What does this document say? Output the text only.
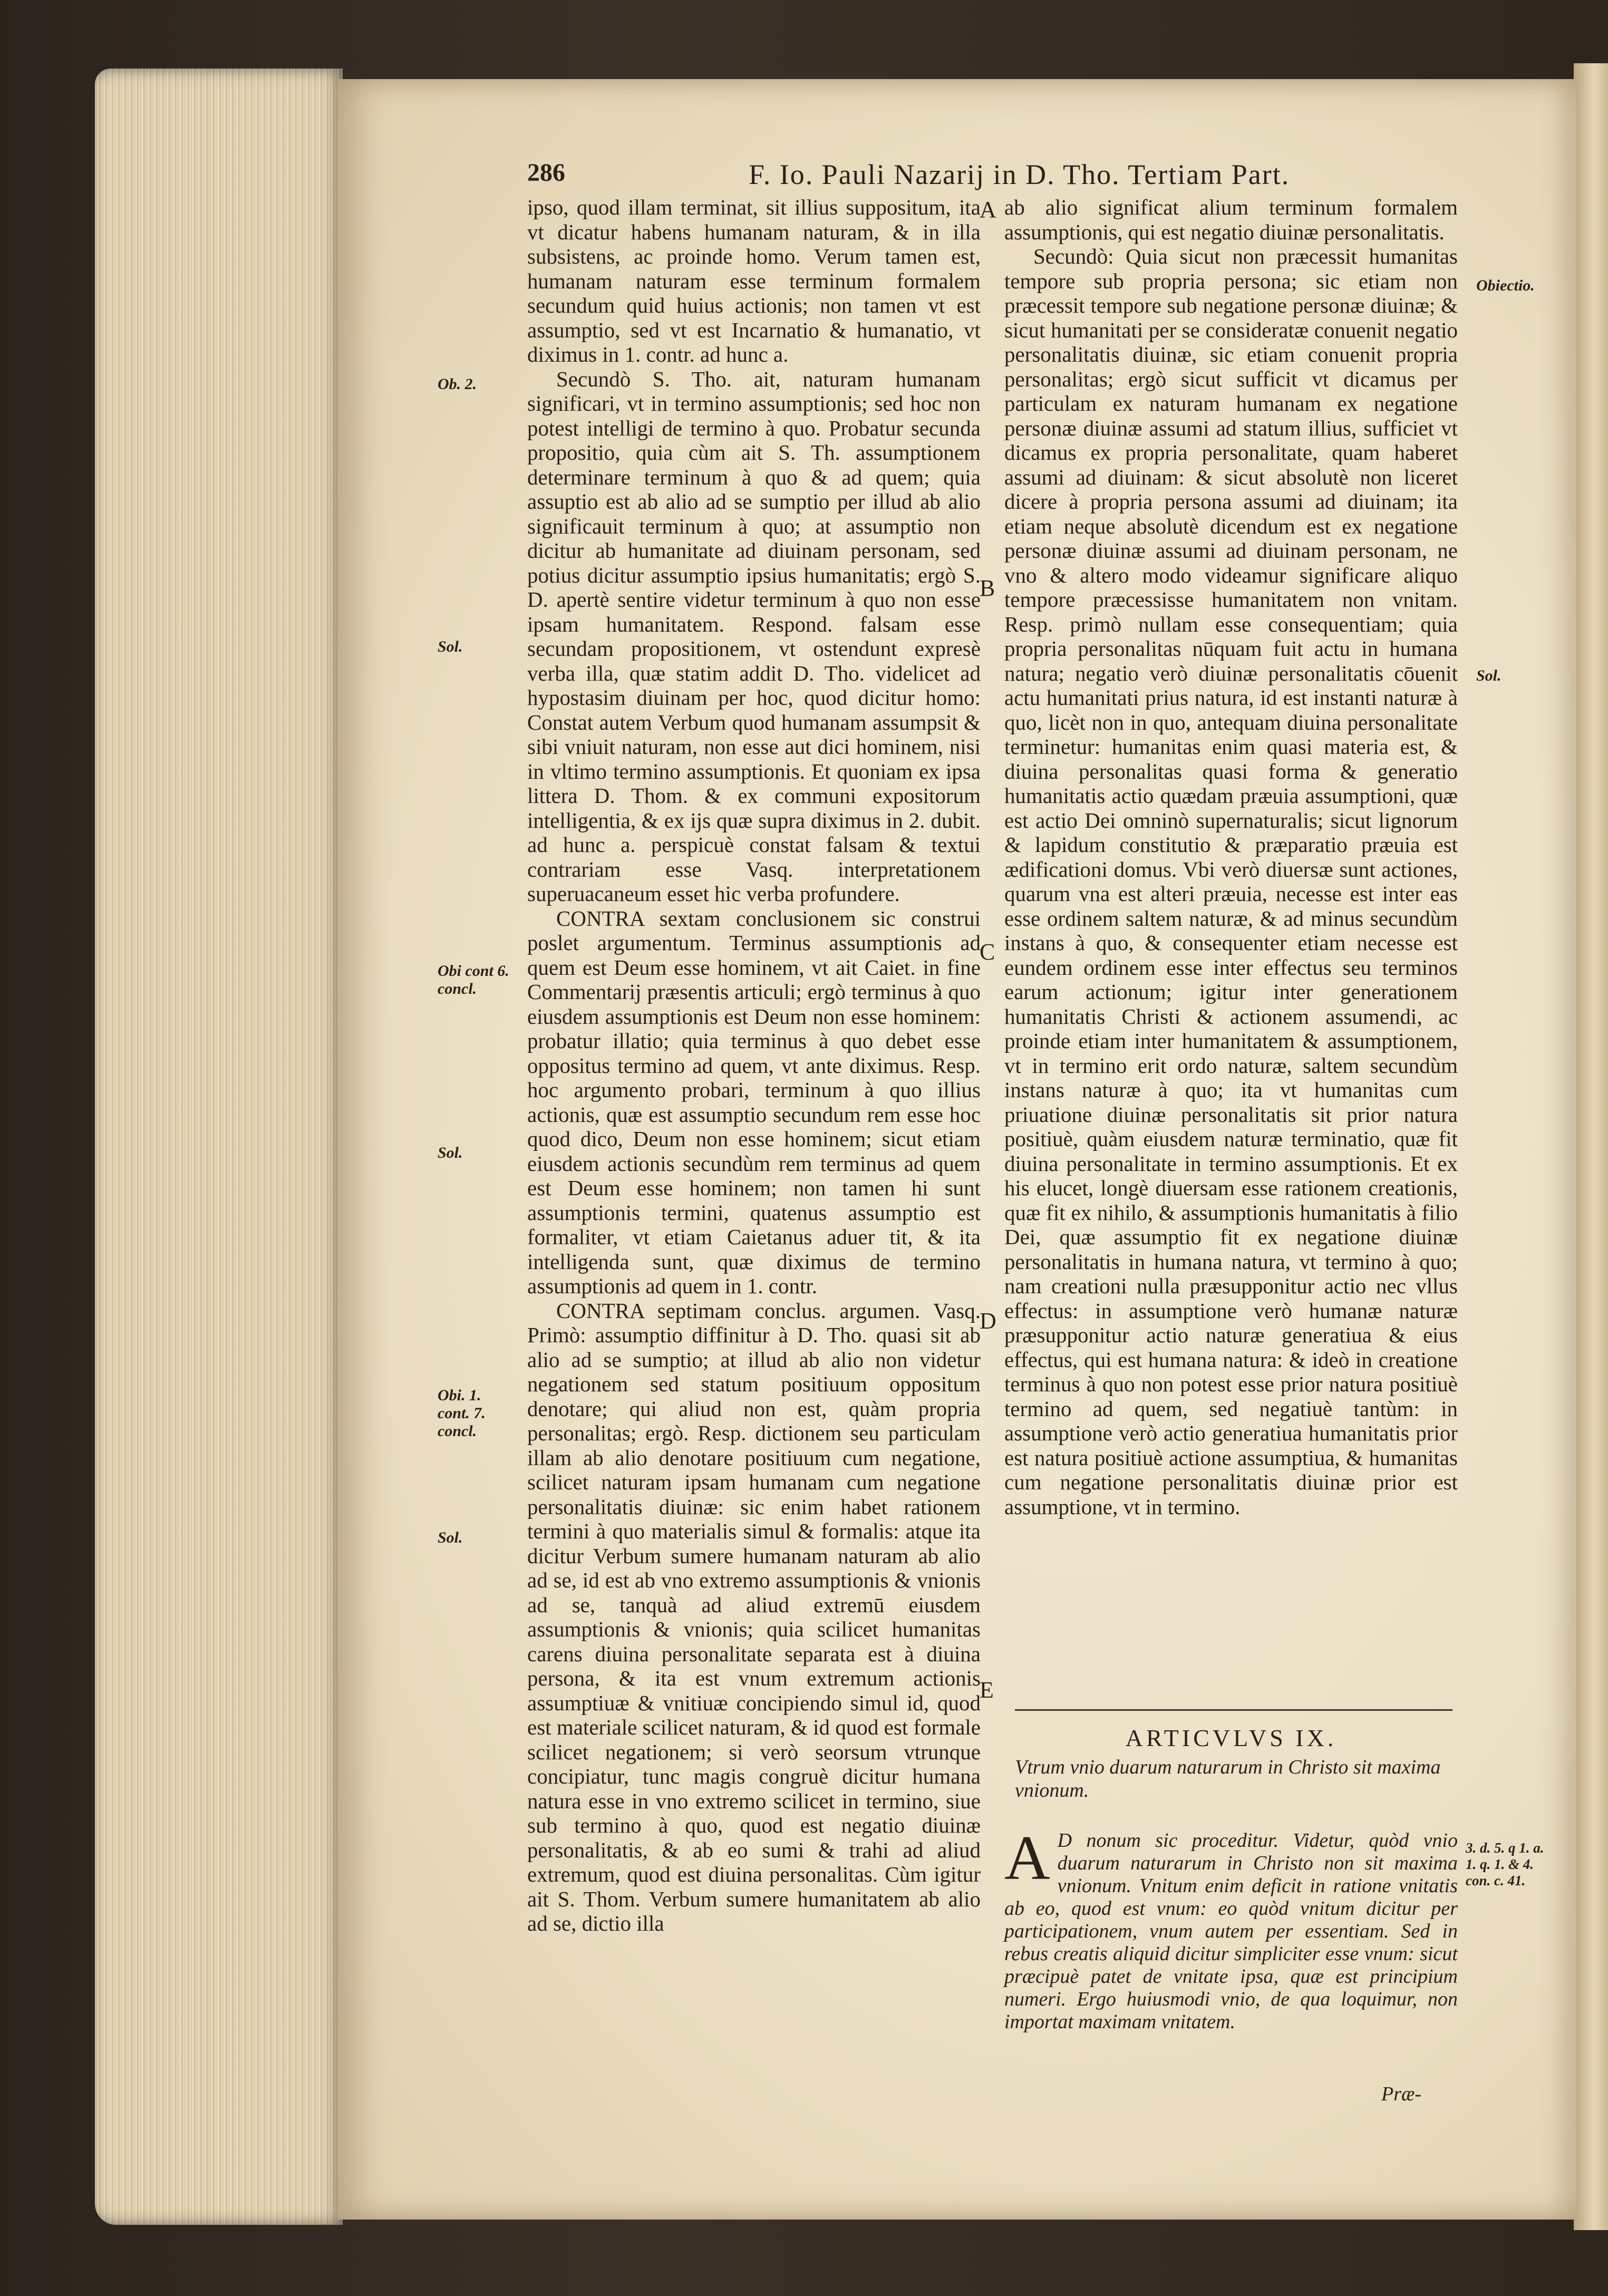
286	F. Io. Pauli Nazarij in D. Tho. Tertiam Part.
Ob. 2.
Sol.
Obi cont 6. concl.
Sol.
Obi. 1. cont. 7. concl.
Sol.
Obiectio.
Sol.
3. d. 5. q 1. a. 1. q. 1. & 4. con. c. 41.
A
B
C
D
E

ipso, quod illam terminat, sit illius suppositum, ita vt dicatur habens humanam naturam, & in illa subsistens, ac proinde homo. Verum tamen est, humanam naturam esse terminum formalem secundum quid huius actionis; non tamen vt est assumptio, sed vt est Incarnatio & humanatio, vt diximus in 1. contr. ad hunc a.

Secundò S. Tho. ait, naturam humanam significari, vt in termino assumptionis; sed hoc non potest intelligi de termino à quo. Probatur secunda propositio, quia cùm ait S. Th. assumptionem determinare terminum à quo & ad quem; quia assuptio est ab alio ad se sumptio per illud ab alio significauit terminum à quo; at assumptio non dicitur ab humanitate ad diuinam personam, sed potius dicitur assumptio ipsius humanitatis; ergò S. D. apertè sentire videtur terminum à quo non esse ipsam humanitatem. Respond. falsam esse secundam propositionem, vt ostendunt expresè verba illa, quæ statim addit D. Tho. videlicet ad hypostasim diuinam per hoc, quod dicitur homo: Constat autem Verbum quod humanam assumpsit & sibi vniuit naturam, non esse aut dici hominem, nisi in vltimo termino assumptionis. Et quoniam ex ipsa littera D. Thom. & ex communi expositorum intelligentia, & ex ijs quæ supra diximus in 2. dubit. ad hunc a. perspicuè constat falsam & textui contrariam esse Vasq. interpretationem superuacaneum esset hic verba profundere.

CONTRA sextam conclusionem sic construi poslet argumentum. Terminus assumptionis ad quem est Deum esse hominem, vt ait Caiet. in fine Commentarij præsentis articuli; ergò terminus à quo eiusdem assumptionis est Deum non esse hominem: probatur illatio; quia terminus à quo debet esse oppositus termino ad quem, vt ante diximus. Resp. hoc argumento probari, terminum à quo illius actionis, quæ est assumptio secundum rem esse hoc quod dico, Deum non esse hominem; sicut etiam eiusdem actionis secundùm rem terminus ad quem est Deum esse hominem; non tamen hi sunt assumptionis termini, quatenus assumptio est formaliter, vt etiam Caietanus aduer tit, & ita intelligenda sunt, quæ diximus de termino assumptionis ad quem in 1. contr.

CONTRA septimam conclus. argumen. Vasq. Primò: assumptio diffinitur à D. Tho. quasi sit ab alio ad se sumptio; at illud ab alio non videtur negationem sed statum positiuum oppositum denotare; qui aliud non est, quàm propria personalitas; ergò. Resp. dictionem seu particulam illam ab alio denotare positiuum cum negatione, scilicet naturam ipsam humanam cum negatione personalitatis diuinæ: sic enim habet rationem termini à quo materialis simul & formalis: atque ita dicitur Verbum sumere humanam naturam ab alio ad se, id est ab vno extremo assumptionis & vnionis ad se, tanquà ad aliud extremū eiusdem assumptionis & vnionis; quia scilicet humanitas carens diuina personalitate separata est à diuina persona, & ita est vnum extremum actionis assumptiuæ & vnitiuæ concipiendo simul id, quod est materiale scilicet naturam, & id quod est formale scilicet negationem; si verò seorsum vtrunque concipiatur, tunc magis congruè dicitur humana natura esse in vno extremo scilicet in termino, siue sub termino à quo, quod est negatio diuinæ personalitatis, & ab eo sumi & trahi ad aliud extremum, quod est diuina personalitas. Cùm igitur ait S. Thom. Verbum sumere humanitatem ab alio ad se, dictio illa

ab alio significat alium terminum formalem assumptionis, qui est negatio diuinæ personalitatis.

Secundò: Quia sicut non præcessit humanitas tempore sub propria persona; sic etiam non præcessit tempore sub negatione personæ diuinæ; & sicut humanitati per se consideratæ conuenit negatio personalitatis diuinæ, sic etiam conuenit propria personalitas; ergò sicut sufficit vt dicamus per particulam ex naturam humanam ex negatione personæ diuinæ assumi ad statum illius, sufficiet vt dicamus ex propria personalitate, quam haberet assumi ad diuinam: & sicut absolutè non liceret dicere à propria persona assumi ad diuinam; ita etiam neque absolutè dicendum est ex negatione personæ diuinæ assumi ad diuinam personam, ne vno & altero modo videamur significare aliquo tempore præcessisse humanitatem non vnitam. Resp. primò nullam esse consequentiam; quia propria personalitas nūquam fuit actu in humana natura; negatio verò diuinæ personalitatis cōuenit actu humanitati prius natura, id est instanti naturæ à quo, licèt non in quo, antequam diuina personalitate terminetur: humanitas enim quasi materia est, & diuina personalitas quasi forma & generatio humanitatis actio quædam præuia assumptioni, quæ est actio Dei omninò supernaturalis; sicut lignorum & lapidum constitutio & præparatio præuia est ædificationi domus. Vbi verò diuersæ sunt actiones, quarum vna est alteri præuia, necesse est inter eas esse ordinem saltem naturæ, & ad minus secundùm instans à quo, & consequenter etiam necesse est eundem ordinem esse inter effectus seu terminos earum actionum; igitur inter generationem humanitatis Christi & actionem assumendi, ac proinde etiam inter humanitatem & assumptionem, vt in termino erit ordo naturæ, saltem secundùm instans naturæ à quo; ita vt humanitas cum priuatione diuinæ personalitatis sit prior natura positiuè, quàm eiusdem naturæ terminatio, quæ fit diuina personalitate in termino assumptionis. Et ex his elucet, longè diuersam esse rationem creationis, quæ fit ex nihilo, & assumptionis humanitatis à filio Dei, quæ assumptio fit ex negatione diuinæ personalitatis in humana natura, vt termino à quo; nam creationi nulla præsupponitur actio nec vllus effectus: in assumptione verò humanæ naturæ præsupponitur actio naturæ generatiua & eius effectus, qui est humana natura: & ideò in creatione terminus à quo non potest esse prior natura positiuè termino ad quem, sed negatiuè tantùm: in assumptione verò actio generatiua humanitatis prior est natura positiuè actione assumptiua, & humanitas cum negatione personalitatis diuinæ prior est assumptione, vt in termino.

ARTICVLVS IX.
Vtrum vnio duarum naturarum in Christo sit maxima vnionum.
A D nonum sic proceditur. Videtur, quòd vnio duarum naturarum in Christo non sit maxima vnionum. Vnitum enim deficit in ratione vnitatis ab eo, quod est vnum: eo quòd vnitum dicitur per participationem, vnum autem per essentiam. Sed in rebus creatis aliquid dicitur simpliciter esse vnum: sicut præcipuè patet de vnitate ipsa, quæ est principium numeri. Ergo huiusmodi vnio, de qua loquimur, non importat maximam vnitatem.
Præ-
